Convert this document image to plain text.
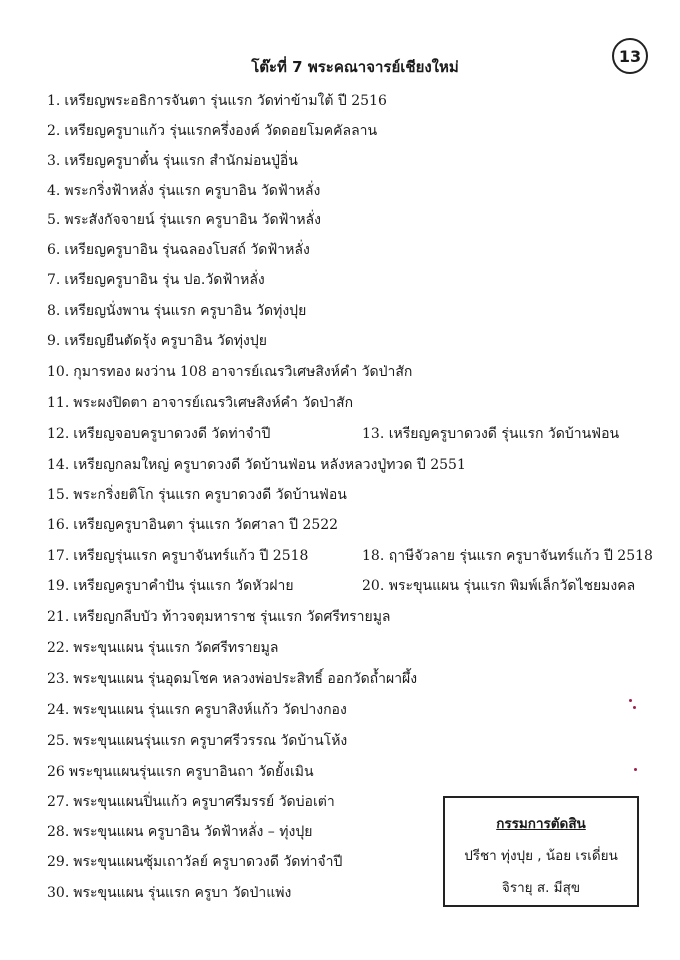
13
โต๊ะที่ 7 พระคณาจารย์เชียงใหม่
1. เหรียญพระอธิการจันตา รุ่นแรก วัดท่าข้ามใต้ ปี 2516
2. เหรียญครูบาแก้ว รุ่นแรกครึ่งองค์ วัดดอยโมคคัลลาน
3. เหรียญครูบาตั๋น รุ่นแรก สำนักม่อนปู่อิ่น
4. พระกริ่งฟ้าหลั่ง รุ่นแรก ครูบาอิน วัดฟ้าหลั่ง
5. พระสังกัจจายน์ รุ่นแรก ครูบาอิน วัดฟ้าหลั่ง
6. เหรียญครูบาอิน รุ่นฉลองโบสถ์ วัดฟ้าหลั่ง
7. เหรียญครูบาอิน รุ่น ปอ.วัดฟ้าหลั่ง
8. เหรียญนั่งพาน รุ่นแรก ครูบาอิน วัดทุ่งปุย
9. เหรียญยืนตัดรุ้ง ครูบาอิน วัดทุ่งปุย
10. กุมารทอง ผงว่าน 108 อาจารย์เณรวิเศษสิงห์คำ วัดป่าสัก
11. พระผงปิดตา อาจารย์เณรวิเศษสิงห์คำ วัดป่าสัก
12. เหรียญจอบครูบาดวงดี วัดท่าจำปี	13. เหรียญครูบาดวงดี รุ่นแรก วัดบ้านฟ่อน
14. เหรียญกลมใหญ่ ครูบาดวงดี วัดบ้านฟ่อน หลังหลวงปู่ทวด ปี 2551
15. พระกริ่งยติโก รุ่นแรก ครูบาดวงดี วัดบ้านฟ่อน
16. เหรียญครูบาอินตา รุ่นแรก วัดศาลา ปี 2522
17. เหรียญรุ่นแรก ครูบาจันทร์แก้ว ปี 2518	18. ฤาษีจัวลาย รุ่นแรก ครูบาจันทร์แก้ว ปี 2518
19. เหรียญครูบาคำปัน รุ่นแรก วัดหัวฝาย	20. พระขุนแผน รุ่นแรก พิมพ์เล็กวัดไชยมงคล
21. เหรียญกลีบบัว ท้าวจตุมหาราช รุ่นแรก วัดศรีทรายมูล
22. พระขุนแผน รุ่นแรก วัดศรีทรายมูล
23. พระขุนแผน รุ่นอุดมโชค หลวงพ่อประสิทธิ์ ออกวัดถ้ำผาผึ้ง
24. พระขุนแผน รุ่นแรก ครูบาสิงห์แก้ว วัดปางกอง
25. พระขุนแผนรุ่นแรก ครูบาศรีวรรณ วัดบ้านโห้ง
26 พระขุนแผนรุ่นแรก ครูบาอินถา วัดยั้งเมิน
27. พระขุนแผนปิ่นแก้ว ครูบาศรีมรรย์ วัดบ่อเต่า
28. พระขุนแผน ครูบาอิน วัดฟ้าหลั่ง – ทุ่งปุย
29. พระขุนแผนซุ้มเถาวัลย์ ครูบาดวงดี วัดท่าจำปี
30. พระขุนแผน รุ่นแรก ครูบา วัดป่าแพ่ง
กรรมการตัดสิน
ปรีชา ทุ่งปุย , น้อย เรเดี่ยน
จิรายุ ส. มีสุข
